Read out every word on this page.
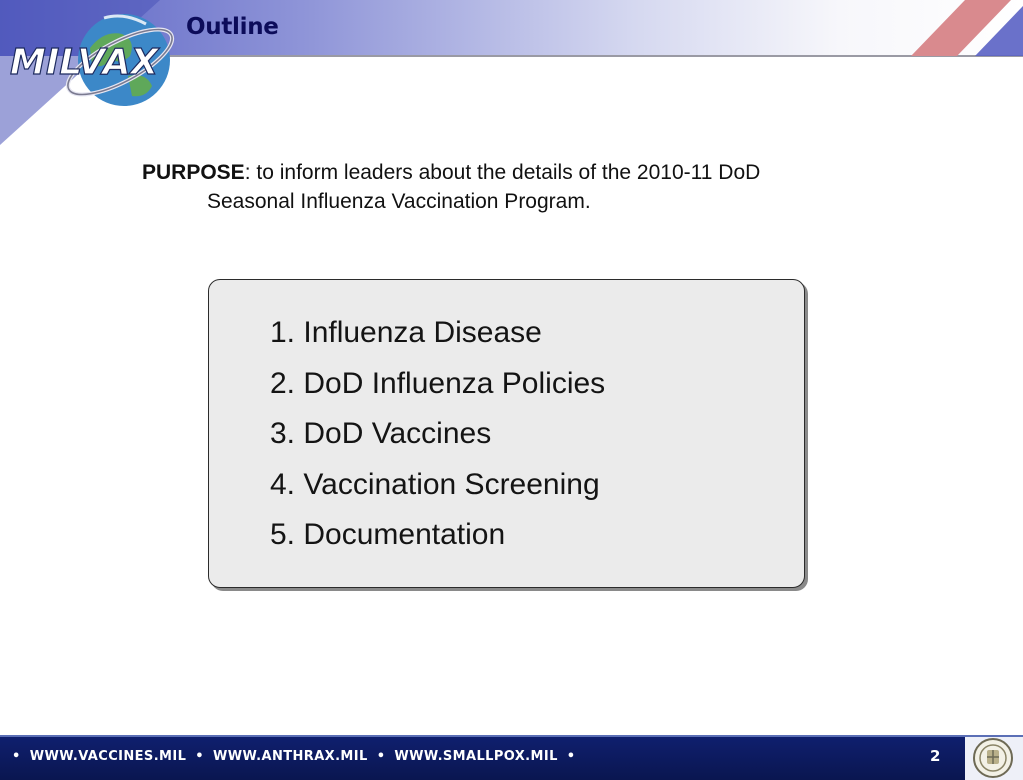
MILVAX
Outline
PURPOSE: to inform leaders about the details of the 2010-11 DoD
Seasonal Influenza Vaccination Program.
1. Influenza Disease
2. DoD Influenza Policies
3. DoD Vaccines
4. Vaccination Screening
5. Documentation
• WWW.VACCINES.MIL • WWW.ANTHRAX.MIL • WWW.SMALLPOX.MIL •	2
